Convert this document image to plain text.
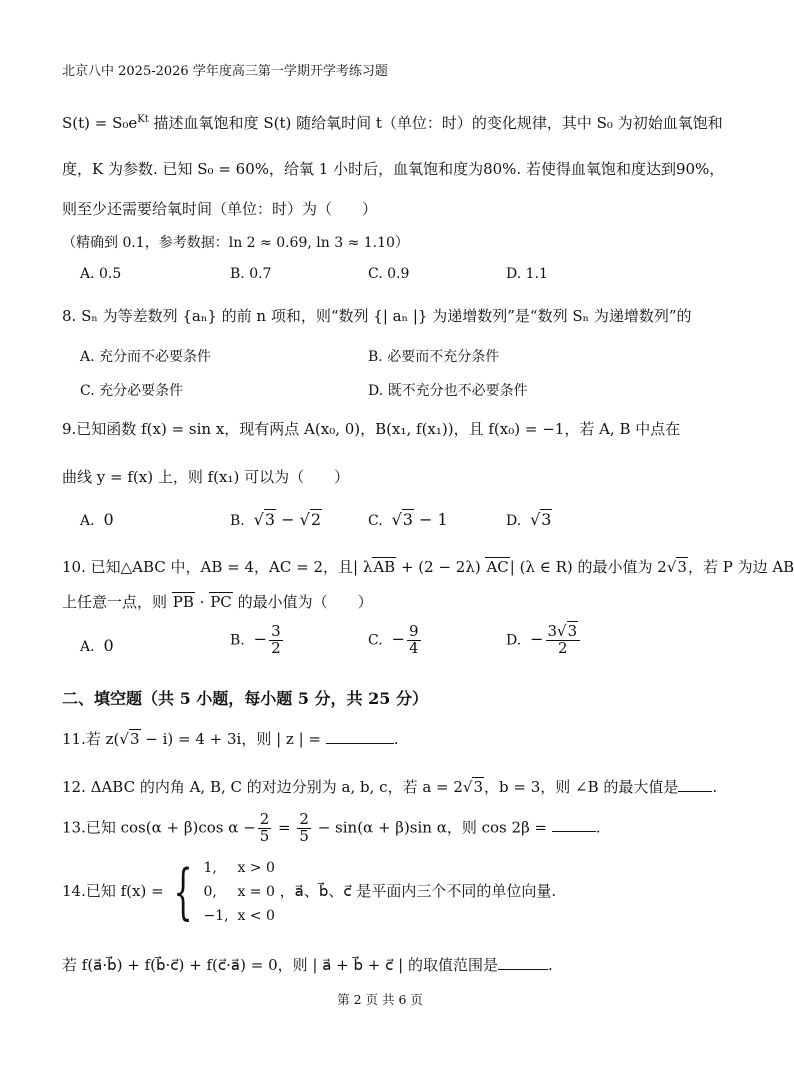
北京八中 2025-2026 学年度高三第一学期开学考练习题
$S(t) = S_0e^{Kt}$ 描述血氧饱和度 S(t) 随给氧时间 t（单位：时）的变化规律，其中 S₀ 为初始血氧饱和
度，K 为参数. 已知 S₀ = 60%，给氧 1 小时后，血氧饱和度为80%. 若使得血氧饱和度达到90%，
则至少还需要给氧时间（单位：时）为（　　）
（精确到 0.1，参考数据：ln 2 ≈ 0.69, ln 3 ≈ 1.10）
A. 0.5	B. 0.7	C. 0.9	D. 1.1
8. Sₙ 为等差数列 {aₙ} 的前 n 项和，则“数列 {| aₙ |} 为递增数列”是“数列 Sₙ 为递增数列”的
A. 充分而不必要条件	B. 必要而不充分条件
C. 充分必要条件	D. 既不充分也不必要条件
9.已知函数 f(x) = sin x，现有两点 A(x₀, 0)，B(x₁, f(x₁))，且 f(x₀) = −1，若 A, B 中点在
曲线 y = f(x) 上，则 f(x₁) 可以为（　　）
A. 0	B. √3 − √2	C. √3 − 1	D. √3
10. 已知△ABC 中，AB = 4，AC = 2，且| λAB + (2 − 2λ) AC| (λ ∈ R) 的最小值为 2√3，若 P 为边 AB
上任意一点，则 PB · PC 的最小值为（　　）
A. 0	B. − $\frac{3}{2}$	C. − $\frac{9}{4}$	D. − $\frac{3√3}{2}$
二、填空题（共 5 小题，每小题 5 分，共 25 分）
11.若 z(√3 − i) = 4 + 3i，则 | z | =	.
12. ΔABC 的内角 A, B, C 的对边分别为 a, b, c，若 a = 2√3，b = 3，则 ∠B 的最大值是 .
13.已知 cos(α + β)cos $\alpha - \frac{2}{5} = \frac{2}{5} - \sin(\alpha + \beta)\sin$ α，则 cos 2β =	.
14.已知 f(x) = { 1, x > 0
0, x = 0
−1, x < 0 ，a⃗、b⃗、c⃗ 是平面内三个不同的单位向量.
若 f(a⃗·b⃗) + f(b⃗·c⃗) + f(c⃗·a⃗) = 0，则 | a⃗ + b⃗ + c⃗ | 的取值范围是	.
第 2 页 共 6 页
